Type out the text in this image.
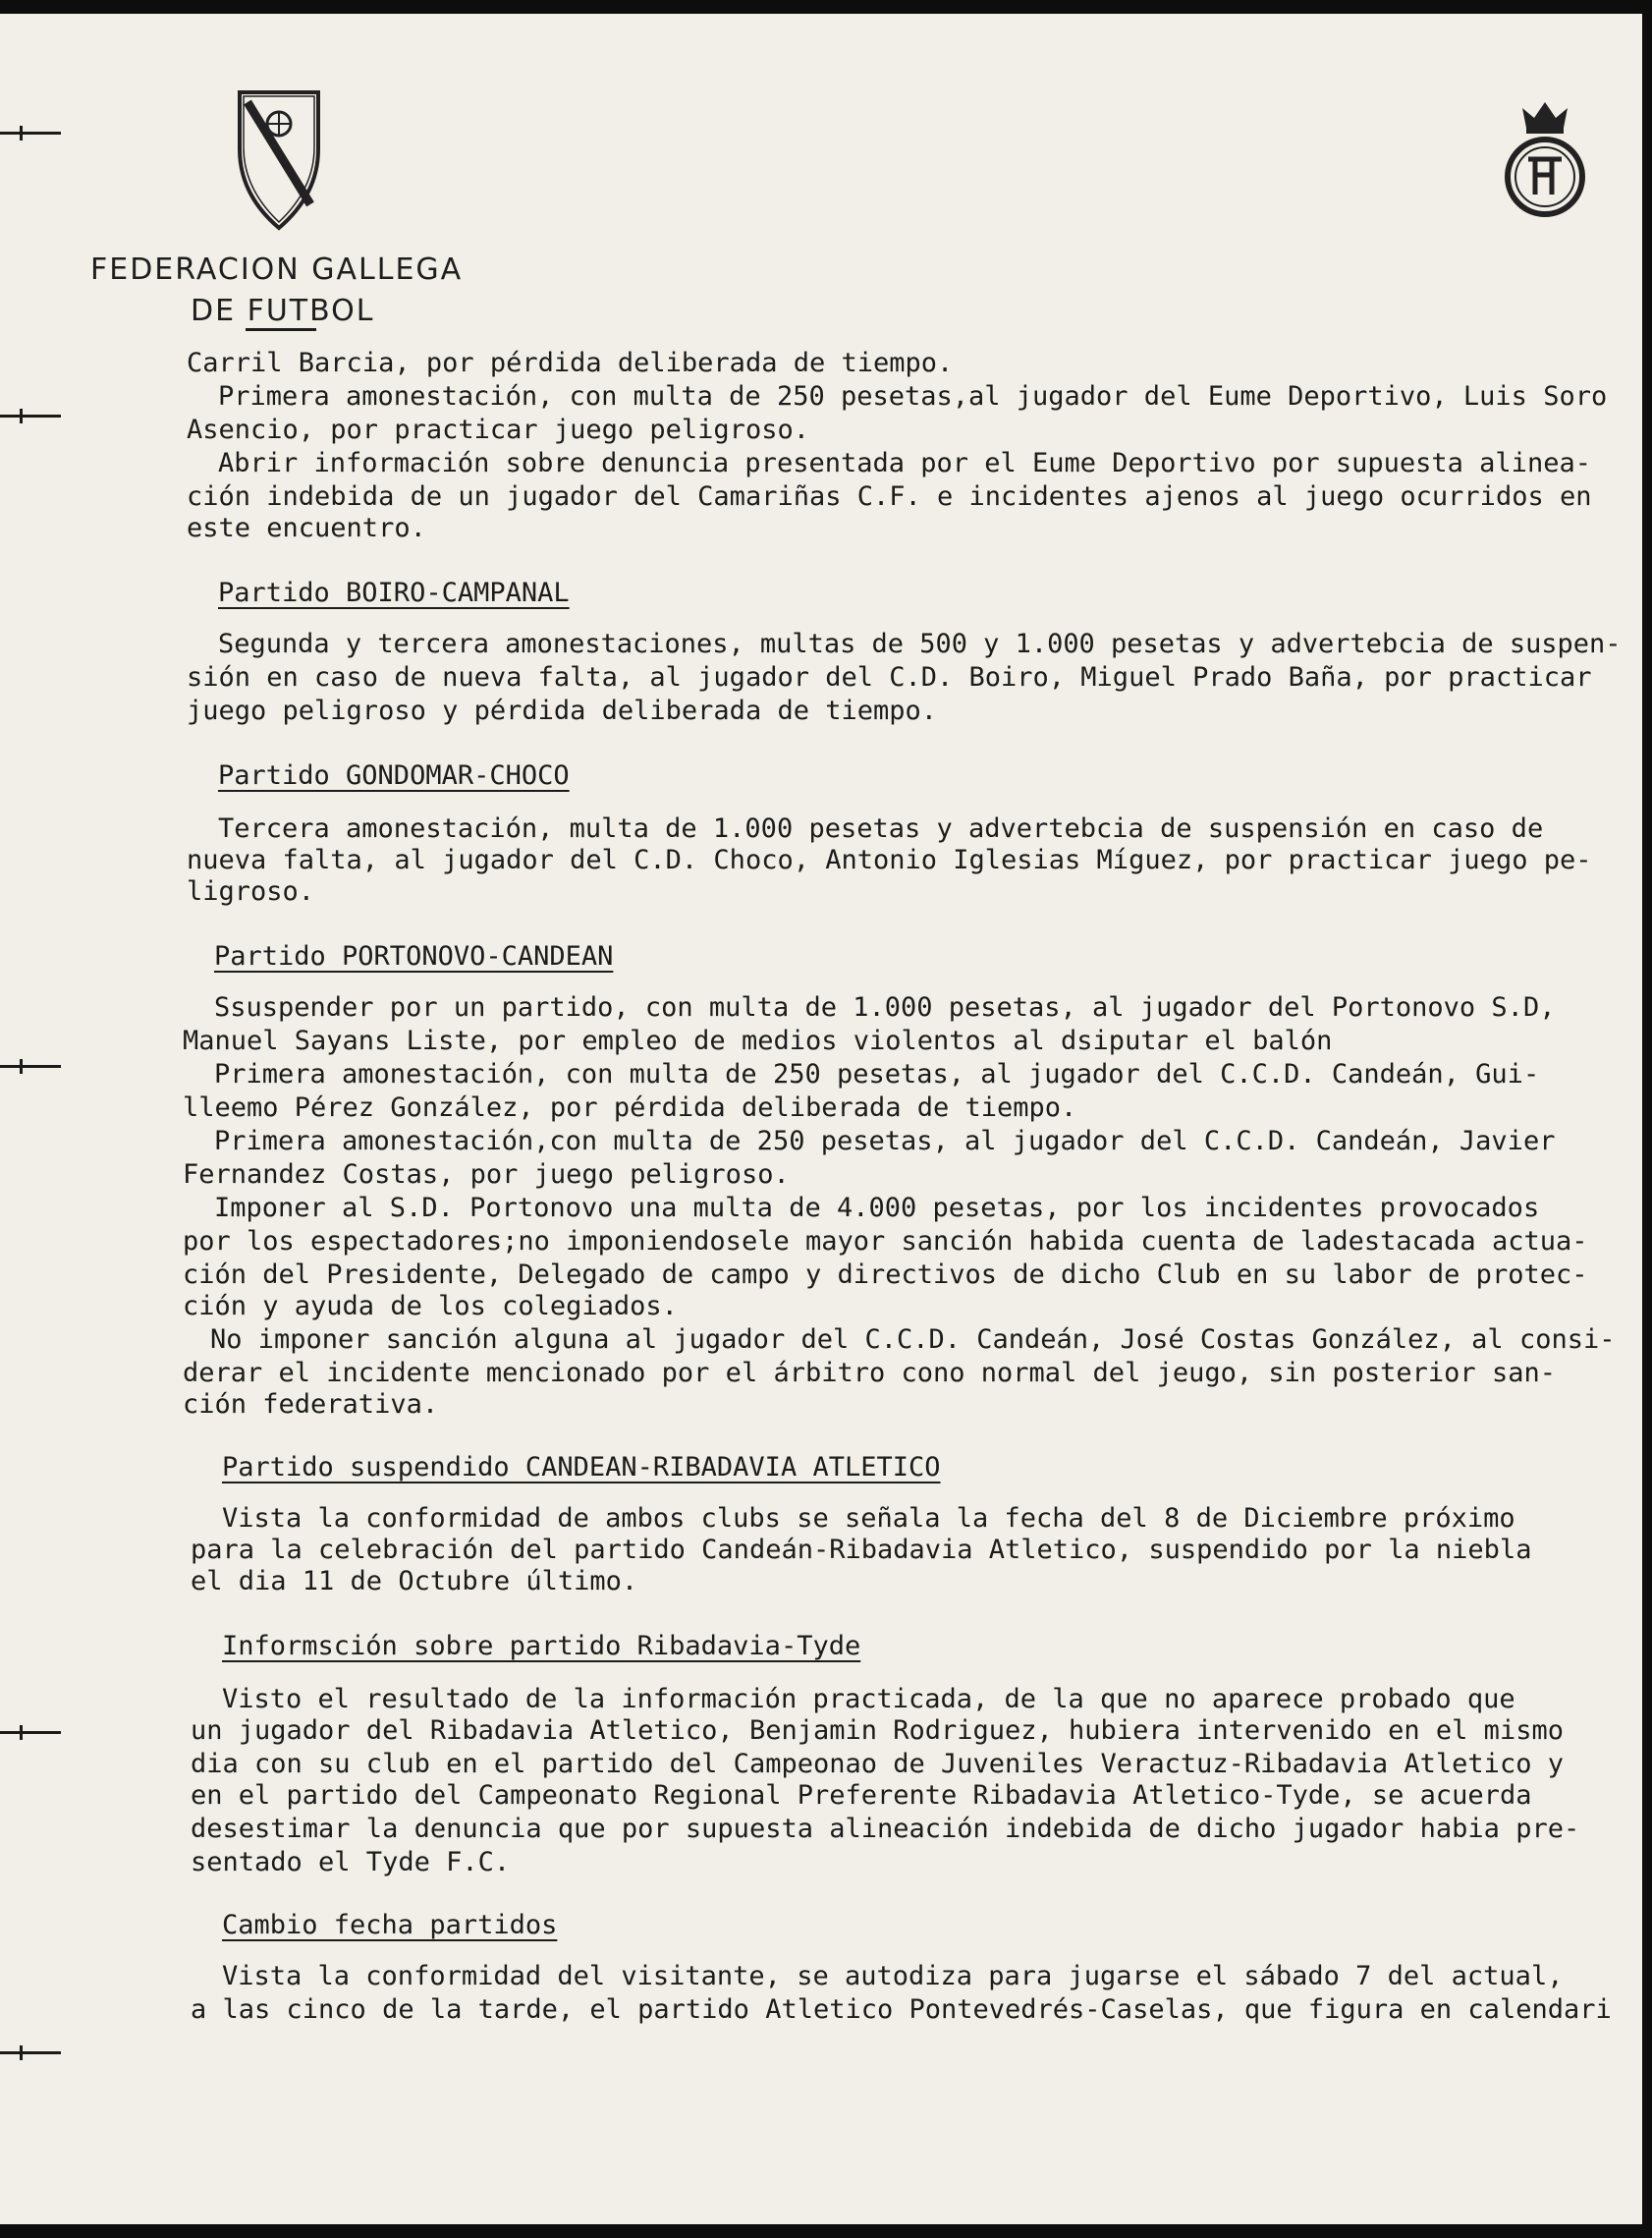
FEDERACION GALLEGA
DE FUTBOL
Carril Barcia, por pérdida deliberada de tiempo.
Primera amonestación, con multa de 250 pesetas,al jugador del Eume Deportivo, Luis Soro
Asencio, por practicar juego peligroso.
Abrir información sobre denuncia presentada por el Eume Deportivo por supuesta alinea-
ción indebida de un jugador del Camariñas C.F. e incidentes ajenos al juego ocurridos en
este encuentro.
Partido BOIRO-CAMPANAL
Segunda y tercera amonestaciones, multas de 500 y 1.000 pesetas y advertebcia de suspen-
sión en caso de nueva falta, al jugador del C.D. Boiro, Miguel Prado Baña, por practicar
juego peligroso y pérdida deliberada de tiempo.
Partido GONDOMAR-CHOCO
Tercera amonestación, multa de 1.000 pesetas y advertebcia de suspensión en caso de
nueva falta, al jugador del C.D. Choco, Antonio Iglesias Míguez, por practicar juego pe-
ligroso.
Partido PORTONOVO-CANDEAN
Ssuspender por un partido, con multa de 1.000 pesetas, al jugador del Portonovo S.D,
Manuel Sayans Liste, por empleo de medios violentos al dsiputar el balón
Primera amonestación, con multa de 250 pesetas, al jugador del C.C.D. Candeán, Gui-
lleemo Pérez González, por pérdida deliberada de tiempo.
Primera amonestación,con multa de 250 pesetas, al jugador del C.C.D. Candeán, Javier
Fernandez Costas, por juego peligroso.
Imponer al S.D. Portonovo una multa de 4.000 pesetas, por los incidentes provocados
por los espectadores;no imponiendosele mayor sanción habida cuenta de ladestacada actua-
ción del Presidente, Delegado de campo y directivos de dicho Club en su labor de protec-
ción y ayuda de los colegiados.
No imponer sanción alguna al jugador del C.C.D. Candeán, José Costas González, al consi-
derar el incidente mencionado por el árbitro cono normal del jeugo, sin posterior san-
ción federativa.
Partido suspendido CANDEAN-RIBADAVIA ATLETICO
Vista la conformidad de ambos clubs se señala la fecha del 8 de Diciembre próximo
para la celebración del partido Candeán-Ribadavia Atletico, suspendido por la niebla
el dia 11 de Octubre último.
Informsción sobre partido Ribadavia-Tyde
Visto el resultado de la información practicada, de la que no aparece probado que
un jugador del Ribadavia Atletico, Benjamin Rodriguez, hubiera intervenido en el mismo
dia con su club en el partido del Campeonao de Juveniles Veractuz-Ribadavia Atletico y
en el partido del Campeonato Regional Preferente Ribadavia Atletico-Tyde, se acuerda
desestimar la denuncia que por supuesta alineación indebida de dicho jugador habia pre-
sentado el Tyde F.C.
Cambio fecha partidos
Vista la conformidad del visitante, se autodiza para jugarse el sábado 7 del actual,
a las cinco de la tarde, el partido Atletico Pontevedrés-Caselas, que figura en calendari
